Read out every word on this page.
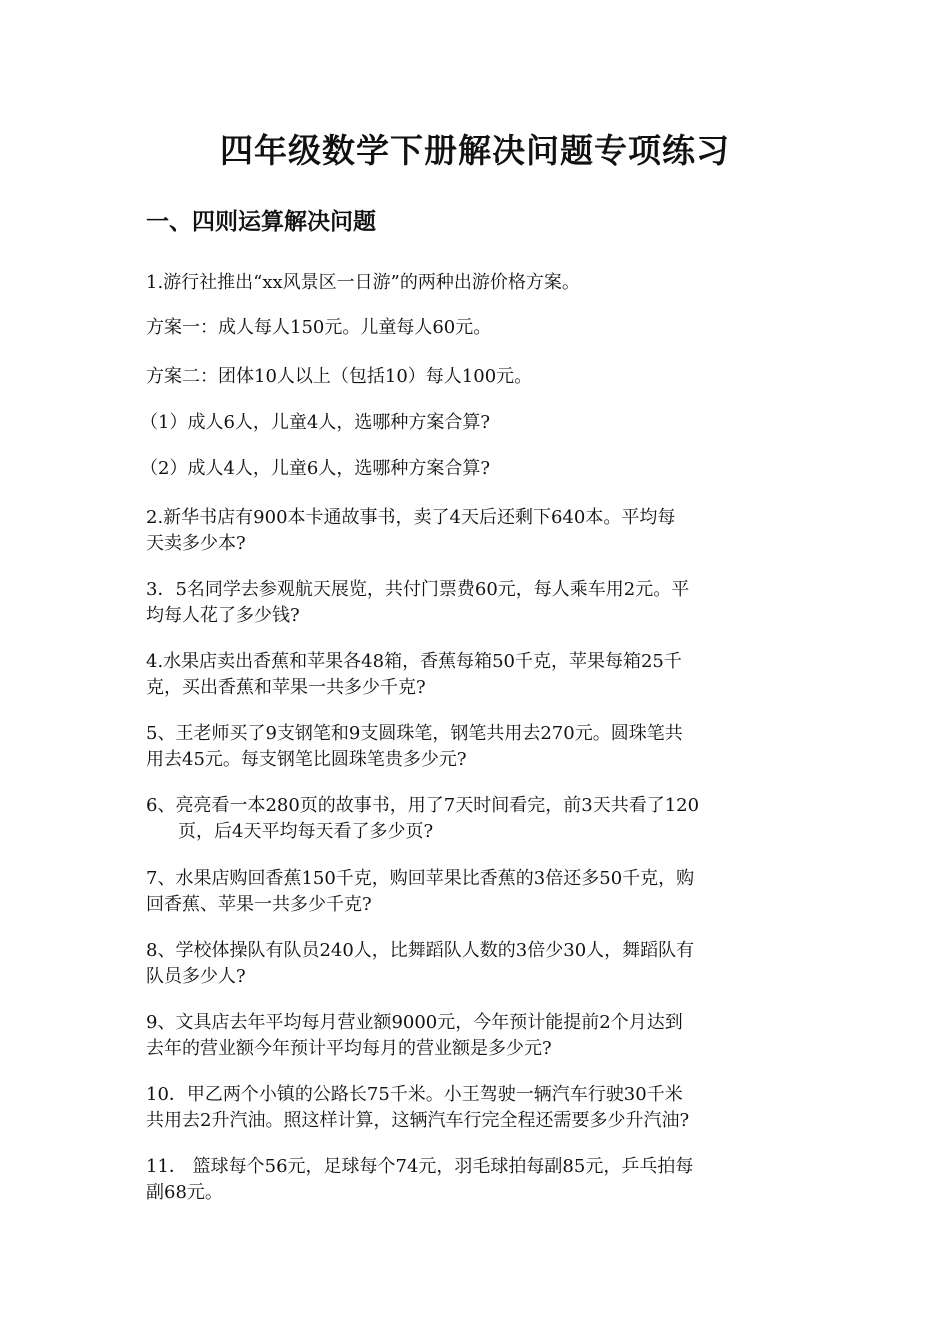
四年级数学下册解决问题专项练习
一、四则运算解决问题

1.游行社推出“xx风景区一日游”的两种出游价格方案。

方案一：成人每人150元。儿童每人60元。

方案二：团体10人以上（包括10）每人100元。

（1）成人6人，儿童4人，选哪种方案合算?

（2）成人4人，儿童6人，选哪种方案合算?

2.新华书店有900本卡通故事书，卖了4天后还剩下640本。平均每

天卖多少本?

3．5名同学去参观航天展览，共付门票费60元，每人乘车用2元。平

均每人花了多少钱?

4.水果店卖出香蕉和苹果各48箱，香蕉每箱50千克，苹果每箱25千

克，买出香蕉和苹果一共多少千克?

5、王老师买了9支钢笔和9支圆珠笔，钢笔共用去270元。圆珠笔共

用去45元。每支钢笔比圆珠笔贵多少元?

6、亮亮看一本280页的故事书，用了7天时间看完，前3天共看了120

页，后4天平均每天看了多少页?

7、水果店购回香蕉150千克，购回苹果比香蕉的3倍还多50千克，购

回香蕉、苹果一共多少千克?

8、学校体操队有队员240人，比舞蹈队人数的3倍少30人，舞蹈队有

队员多少人?

9、文具店去年平均每月营业额9000元，今年预计能提前2个月达到

去年的营业额今年预计平均每月的营业额是多少元?

10．甲乙两个小镇的公路长75千米。小王驾驶一辆汽车行驶30千米

共用去2升汽油。照这样计算，这辆汽车行完全程还需要多少升汽油?

11． 篮球每个56元，足球每个74元，羽毛球拍每副85元，乒乓拍每

副68元。
